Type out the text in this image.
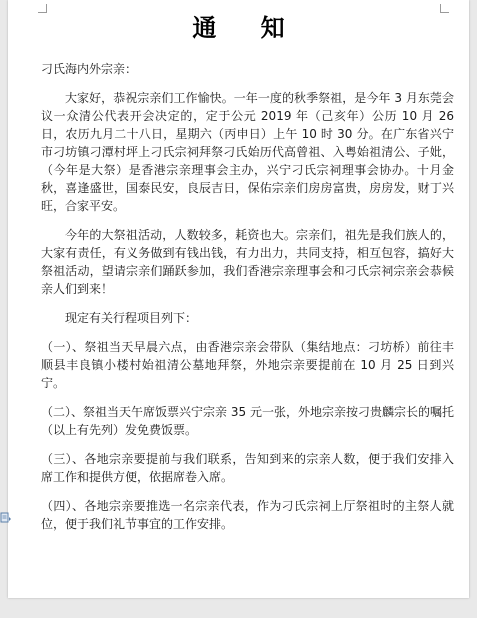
通 知

刁氏海内外宗亲：

大家好，恭祝宗亲们工作愉快。一年一度的秋季祭祖，是今年 3 月东莞会议一众清公代表开会决定的，定于公元 2019 年（己亥年）公历 10 月 26 日，农历九月二十八日，星期六（丙申日）上午 10 时 30 分。在广东省兴宁市刁坊镇刁潭村坪上刁氏宗祠拜祭刁氏始历代高曾祖、入粤始祖清公、子妣，（今年是大祭）是香港宗亲理事会主办，兴宁刁氏宗祠理事会协办。十月金秋，喜逢盛世，国泰民安，良辰吉日，保佑宗亲们房房富贵，房房发，财丁兴旺，合家平安。

今年的大祭祖活动，人数较多，耗资也大。宗亲们，祖先是我们族人的，大家有责任，有义务做到有钱出钱，有力出力，共同支持，相互包容，搞好大祭祖活动，望请宗亲们踊跃参加，我们香港宗亲理事会和刁氏宗祠宗亲会恭候亲人们到来！

现定有关行程项目列下：

（一）、祭祖当天早晨六点，由香港宗亲会带队（集结地点：刁坊桥）前往丰顺县丰良镇小楼村始祖清公墓地拜祭，外地宗亲要提前在 10 月 25 日到兴宁。

（二）、祭祖当天午席饭票兴宁宗亲 35 元一张，外地宗亲按刁贵麟宗长的嘱托（以上有先列）发免费饭票。

（三）、各地宗亲要提前与我们联系，告知到来的宗亲人数，便于我们安排入席工作和提供方便，依据席卷入席。

（四）、各地宗亲要推选一名宗亲代表，作为刁氏宗祠上厅祭祖时的主祭人就位，便于我们礼节事宜的工作安排。
